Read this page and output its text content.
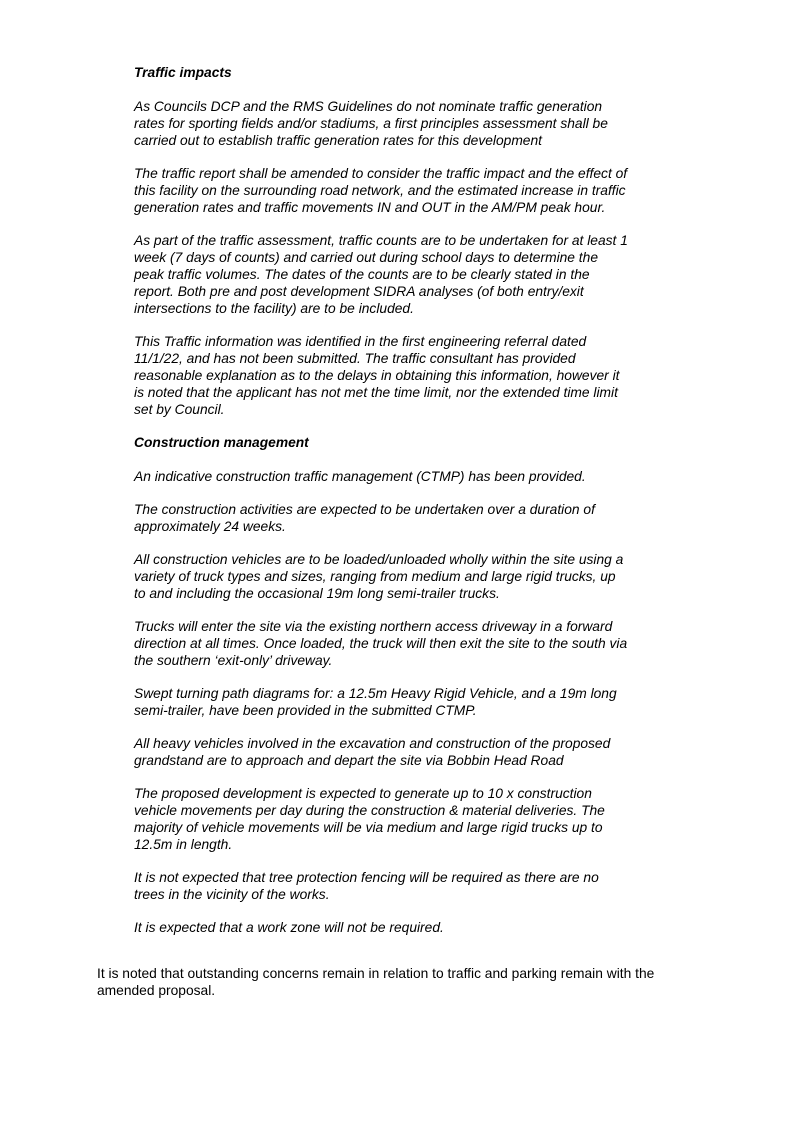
Traffic impacts

As Councils DCP and the RMS Guidelines do not nominate traffic generation
rates for sporting fields and/or stadiums, a first principles assessment shall be
carried out to establish traffic generation rates for this development

The traffic report shall be amended to consider the traffic impact and the effect of
this facility on the surrounding road network, and the estimated increase in traffic
generation rates and traffic movements IN and OUT in the AM/PM peak hour.

As part of the traffic assessment, traffic counts are to be undertaken for at least 1
week (7 days of counts) and carried out during school days to determine the
peak traffic volumes. The dates of the counts are to be clearly stated in the
report. Both pre and post development SIDRA analyses (of both entry/exit
intersections to the facility) are to be included.

This Traffic information was identified in the first engineering referral dated
11/1/22, and has not been submitted. The traffic consultant has provided
reasonable explanation as to the delays in obtaining this information, however it
is noted that the applicant has not met the time limit, nor the extended time limit
set by Council.

Construction management

An indicative construction traffic management (CTMP) has been provided.

The construction activities are expected to be undertaken over a duration of
approximately 24 weeks.

All construction vehicles are to be loaded/unloaded wholly within the site using a
variety of truck types and sizes, ranging from medium and large rigid trucks, up
to and including the occasional 19m long semi-trailer trucks.

Trucks will enter the site via the existing northern access driveway in a forward
direction at all times. Once loaded, the truck will then exit the site to the south via
the southern ‘exit-only’ driveway.

Swept turning path diagrams for: a 12.5m Heavy Rigid Vehicle, and a 19m long
semi-trailer, have been provided in the submitted CTMP.

All heavy vehicles involved in the excavation and construction of the proposed
grandstand are to approach and depart the site via Bobbin Head Road

The proposed development is expected to generate up to 10 x construction
vehicle movements per day during the construction & material deliveries. The
majority of vehicle movements will be via medium and large rigid trucks up to
12.5m in length.

It is not expected that tree protection fencing will be required as there are no
trees in the vicinity of the works.

It is expected that a work zone will not be required.

It is noted that outstanding concerns remain in relation to traffic and parking remain with the
amended proposal.
